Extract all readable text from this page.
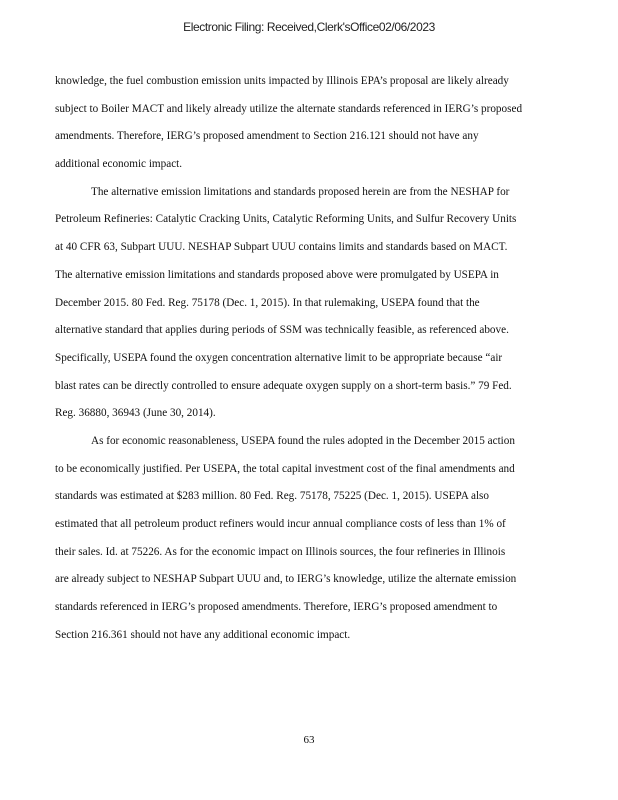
Electronic Filing: Received,Clerk'sOffice02/06/2023
knowledge, the fuel combustion emission units impacted by Illinois EPA’s proposal are likely already
subject to Boiler MACT and likely already utilize the alternate standards referenced in IERG’s proposed
amendments. Therefore, IERG’s proposed amendment to Section 216.121 should not have any
additional economic impact.
The alternative emission limitations and standards proposed herein are from the NESHAP for
Petroleum Refineries: Catalytic Cracking Units, Catalytic Reforming Units, and Sulfur Recovery Units
at 40 CFR 63, Subpart UUU. NESHAP Subpart UUU contains limits and standards based on MACT.
The alternative emission limitations and standards proposed above were promulgated by USEPA in
December 2015. 80 Fed. Reg. 75178 (Dec. 1, 2015). In that rulemaking, USEPA found that the
alternative standard that applies during periods of SSM was technically feasible, as referenced above.
Specifically, USEPA found the oxygen concentration alternative limit to be appropriate because “air
blast rates can be directly controlled to ensure adequate oxygen supply on a short-term basis.” 79 Fed.
Reg. 36880, 36943 (June 30, 2014).
As for economic reasonableness, USEPA found the rules adopted in the December 2015 action
to be economically justified. Per USEPA, the total capital investment cost of the final amendments and
standards was estimated at $283 million. 80 Fed. Reg. 75178, 75225 (Dec. 1, 2015). USEPA also
estimated that all petroleum product refiners would incur annual compliance costs of less than 1% of
their sales. Id. at 75226. As for the economic impact on Illinois sources, the four refineries in Illinois
are already subject to NESHAP Subpart UUU and, to IERG’s knowledge, utilize the alternate emission
standards referenced in IERG’s proposed amendments. Therefore, IERG’s proposed amendment to
Section 216.361 should not have any additional economic impact.
63
